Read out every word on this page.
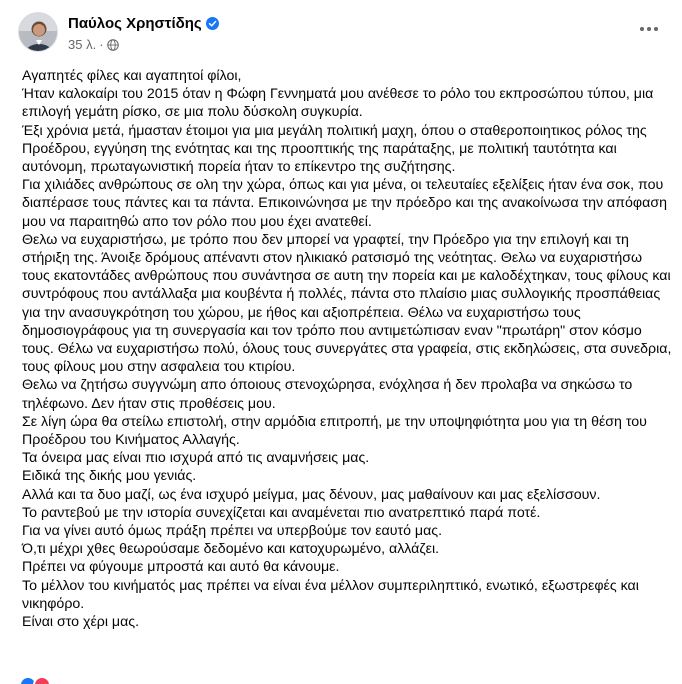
Παύλος Χρηστίδης
35 λ. ·

Αγαπητές φίλες και αγαπητοί φίλοι,

Ήταν καλοκαίρι του 2015 όταν η Φώφη Γεννηματά μου ανέθεσε το ρόλο του εκπροσώπου τύπου, μια επιλογή γεμάτη ρίσκο, σε μια πολυ δύσκολη συγκυρία.

Έξι χρόνια μετά, ήμασταν έτοιμοι για μια μεγάλη πολιτική μαχη, όπου ο σταθεροποιητικος ρόλος της Προέδρου, εγγύηση της ενότητας και της προοπτικής της παράταξης, με πολιτική ταυτότητα και αυτόνομη, πρωταγωνιστική πορεία ήταν το επίκεντρο της συζήτησης.

Για χιλιάδες ανθρώπους σε ολη την χώρα, όπως και για μένα, οι τελευταίες εξελίξεις ήταν ένα σοκ, που διαπέρασε τους πάντες και τα πάντα. Επικοινώνησα με την πρόεδρο και της ανακοίνωσα την απόφαση μου να παραιτηθώ απο τον ρόλο που μου έχει ανατεθεί.

Θελω να ευχαριστήσω, με τρόπο που δεν μπορεί να γραφτεί, την Πρόεδρο για την επιλογή και τη στήριξη της. Άνοιξε δρόμους απέναντι στον ηλικιακό ρατσισμό της νεότητας. Θελω να ευχαριστήσω τους εκατοντάδες ανθρώπους που συνάντησα σε αυτη την πορεία και με καλοδέχτηκαν, τους φίλους και συντρόφους που αντάλλαξα μια κουβέντα ή πολλές, πάντα στο πλαίσιο μιας συλλογικής προσπάθειας για την ανασυγκρότηση του χώρου, με ήθος και αξιοπρέπεια. Θέλω να ευχαριστήσω τους δημοσιογράφους για τη συνεργασία και τον τρόπο που αντιμετώπισαν εναν "πρωτάρη" στον κόσμο τους. Θέλω να ευχαριστήσω πολύ, όλους τους συνεργάτες στα γραφεία, στις εκδηλώσεις, στα συνεδρια, τους φίλους μου στην ασφαλεια του κτιρίου.

Θελω να ζητήσω συγγνώμη απο όποιους στενοχώρησα, ενόχλησα ή δεν προλαβα να σηκώσω το τηλέφωνο. Δεν ήταν στις προθέσεις μου.

Σε λίγη ώρα θα στείλω επιστολή, στην αρμόδια επιτροπή, με την υποψηφιότητα μου για τη θέση του Προέδρου του Κινήματος Αλλαγής.

Τα όνειρα μας είναι πιο ισχυρά από τις αναμνήσεις μας.

Ειδικά της δικής μου γενιάς.

Αλλά και τα δυο μαζί, ως ένα ισχυρό μείγμα, μας δένουν, μας μαθαίνουν και μας εξελίσσουν.

Το ραντεβού με την ιστορία συνεχίζεται και αναμένεται πιο ανατρεπτικό παρά ποτέ.

Για να γίνει αυτό όμως πράξη πρέπει να υπερβούμε τον εαυτό μας.

Ό,τι μέχρι χθες θεωρούσαμε δεδομένο και κατοχυρωμένο, αλλάζει.

Πρέπει να φύγουμε μπροστά και αυτό θα κάνουμε.

Το μέλλον του κινήματός μας πρέπει να είναι ένα μέλλον συμπεριληπτικό, ενωτικό, εξωστρεφές και νικηφόρο.

Είναι στο χέρι μας.
